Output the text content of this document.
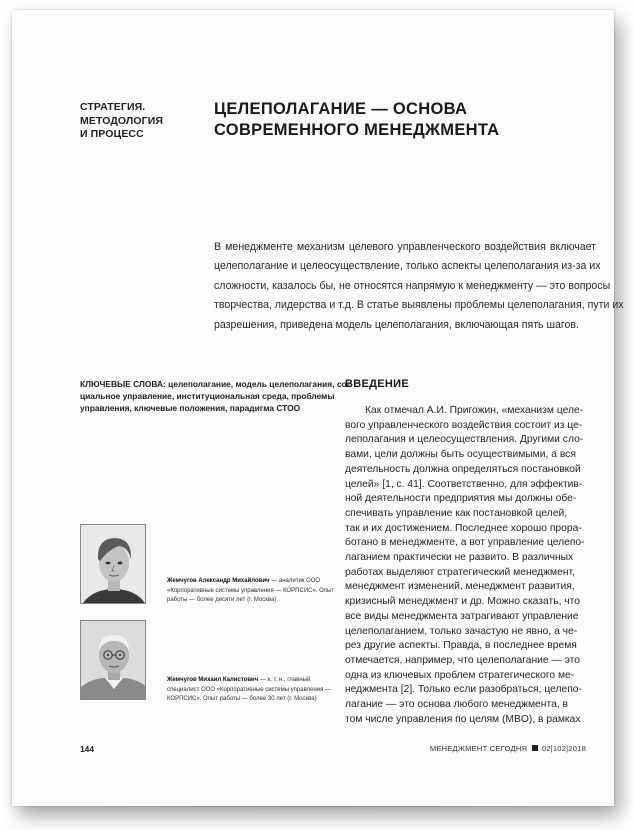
СТРАТЕГИЯ.
МЕТОДОЛОГИЯ
И ПРОЦЕСС
ЦЕЛЕПОЛАГАНИЕ — ОСНОВА
СОВРЕМЕННОГО МЕНЕДЖМЕНТА
В менеджменте механизм целевого управленческого воздействия включает
целеполагание и целеосуществление, только аспекты целеполагания из-за их
сложности, казалось бы, не относятся напрямую к менеджменту — это вопросы
творчества, лидерства и т.д. В статье выявлены проблемы целеполагания, пути их
разрешения, приведена модель целеполагания, включающая пять шагов.
КЛЮЧЕВЫЕ СЛОВА: целеполагание, модель целеполагания, со-
циальное управление, институциональная среда, проблемы
управления, ключевые положения, парадигма СТОО
ВВЕДЕНИЕ
Как отмечал А.И. Пригожин, «механизм целе-
вого управленческого воздействия состоит из це-
леполагания и целеосуществления. Другими сло-
вами, цели должны быть осуществимыми, а вся
деятельность должна определяться постановкой
целей» [1, с. 41]. Соответственно, для эффектив-
ной деятельности предприятия мы должны обе-
спечивать управление как постановкой целей,
так и их достижением. Последнее хорошо прора-
ботано в менеджменте, а вот управление целепо-
лаганием практически не развито. В различных
работах выделяют стратегический менеджмент,
менеджмент изменений, менеджмент развития,
кризисный менеджмент и др. Можно сказать, что
все виды менеджмента затрагивают управление
целеполаганием, только зачастую не явно, а че-
рез другие аспекты. Правда, в последнее время
отмечается, например, что целеполагание — это
одна из ключевых проблем стратегического ме-
неджмента [2]. Только если разобраться, целепо-
лагание — это основа любого менеджмента, в
том числе управления по целям (MBO), в рамках
Жемчугов Александр Михайлович — аналитик ООО
«Корпоративные системы управления — КОРПСИС». Опыт
работы — более десяти лет (г. Москва)
Жемчугов Михаил Калистович — к. т. н., главный
специалист ООО «Корпоративные системы управления —
КОРПСИС». Опыт работы — более 30 лет (г. Москва)
144	МЕНЕДЖМЕНТ СЕГОДНЯ 02|102|2018
